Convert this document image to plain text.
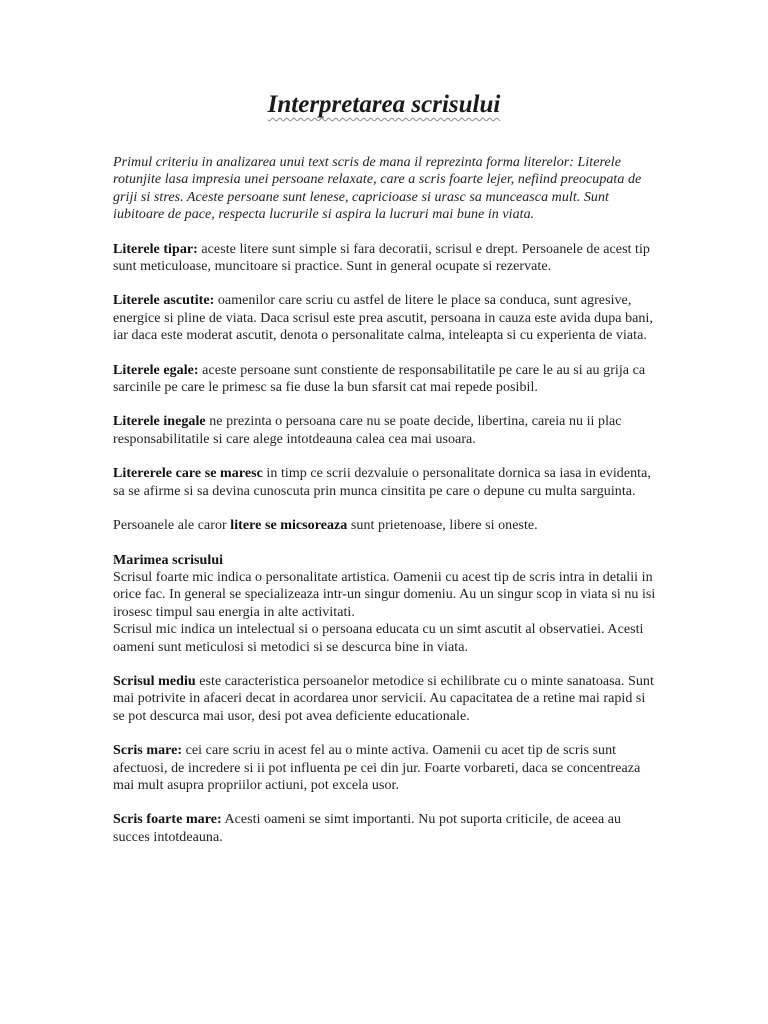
Interpretarea scrisului

Primul criteriu in analizarea unui text scris de mana il reprezinta forma literelor: Literele rotunjite lasa impresia unei persoane relaxate, care a scris foarte lejer, nefiind preocupata de griji si stres. Aceste persoane sunt lenese, capricioase si urasc sa munceasca mult. Sunt iubitoare de pace, respecta lucrurile si aspira la lucruri mai bune in viata.

Literele tipar: aceste litere sunt simple si fara decoratii, scrisul e drept. Persoanele de acest tip sunt meticuloase, muncitoare si practice. Sunt in general ocupate si rezervate.

Literele ascutite: oamenilor care scriu cu astfel de litere le place sa conduca, sunt agresive, energice si pline de viata. Daca scrisul este prea ascutit, persoana in cauza este avida dupa bani, iar daca este moderat ascutit, denota o personalitate calma, inteleapta si cu experienta de viata.

Literele egale: aceste persoane sunt constiente de responsabilitatile pe care le au si au grija ca sarcinile pe care le primesc sa fie duse la bun sfarsit cat mai repede posibil.

Literele inegale ne prezinta o persoana care nu se poate decide, libertina, careia nu ii plac responsabilitatile si care alege intotdeauna calea cea mai usoara.

Litererele care se maresc in timp ce scrii dezvaluie o personalitate dornica sa iasa in evidenta, sa se afirme si sa devina cunoscuta prin munca cinsitita pe care o depune cu multa sarguinta.

Persoanele ale caror litere se micsoreaza sunt prietenoase, libere si oneste.

Marimea scrisului
Scrisul foarte mic indica o personalitate artistica. Oamenii cu acest tip de scris intra in detalii in orice fac. In general se specializeaza intr-un singur domeniu. Au un singur scop in viata si nu isi irosesc timpul sau energia in alte activitati.
Scrisul mic indica un intelectual si o persoana educata cu un simt ascutit al observatiei. Acesti oameni sunt meticulosi si metodici si se descurca bine in viata.

Scrisul mediu este caracteristica persoanelor metodice si echilibrate cu o minte sanatoasa. Sunt mai potrivite in afaceri decat in acordarea unor servicii. Au capacitatea de a retine mai rapid si se pot descurca mai usor, desi pot avea deficiente educationale.

Scris mare: cei care scriu in acest fel au o minte activa. Oamenii cu acet tip de scris sunt afectuosi, de incredere si ii pot influenta pe cei din jur. Foarte vorbareti, daca se concentreaza mai mult asupra propriilor actiuni, pot excela usor.

Scris foarte mare: Acesti oameni se simt importanti. Nu pot suporta criticile, de aceea au succes intotdeauna.
